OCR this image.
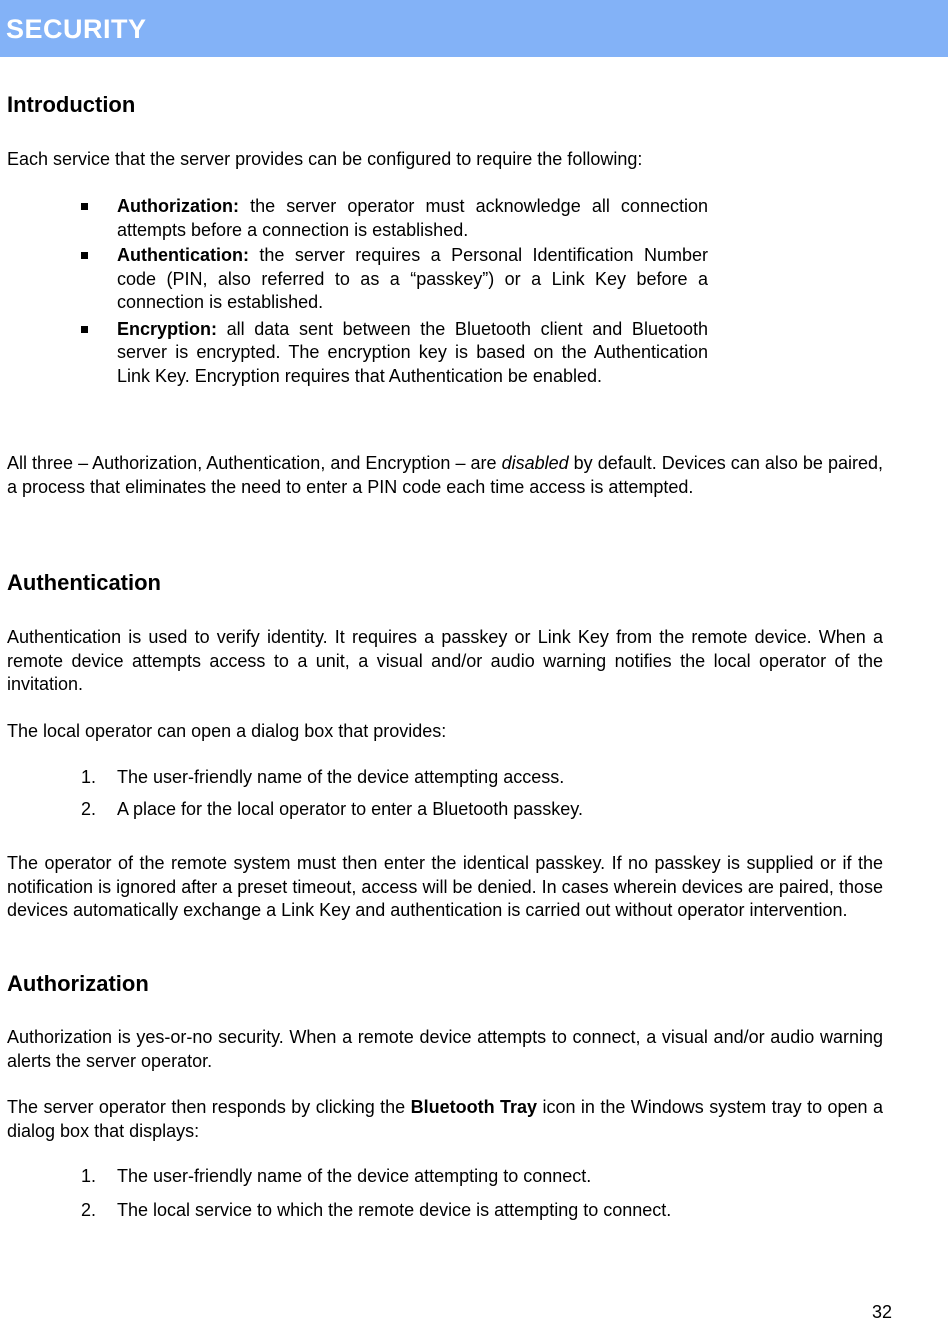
SECURITY
Introduction

Each service that the server provides can be configured to require the following:

Authorization: the server operator must acknowledge all connection attempts before a connection is established.
Authentication: the server requires a Personal Identification Number code (PIN, also referred to as a “passkey”) or a Link Key before a connection is established.
Encryption: all data sent between the Bluetooth client and Bluetooth server is encrypted. The encryption key is based on the Authentication Link Key. Encryption requires that Authentication be enabled.

All three – Authorization, Authentication, and Encryption – are disabled by default. Devices can also be paired, a process that eliminates the need to enter a PIN code each time access is attempted.

Authentication

Authentication is used to verify identity. It requires a passkey or Link Key from the remote device. When a remote device attempts access to a unit, a visual and/or audio warning notifies the local operator of the invitation.

The local operator can open a dialog box that provides:

1. The user-friendly name of the device attempting access.
2. A place for the local operator to enter a Bluetooth passkey.

The operator of the remote system must then enter the identical passkey. If no passkey is supplied or if the notification is ignored after a preset timeout, access will be denied. In cases wherein devices are paired, those devices automatically exchange a Link Key and authentication is carried out without operator intervention.

Authorization

Authorization is yes-or-no security. When a remote device attempts to connect, a visual and/or audio warning alerts the server operator.

The server operator then responds by clicking the Bluetooth Tray icon in the Windows system tray to open a dialog box that displays:

1. The user-friendly name of the device attempting to connect.
2. The local service to which the remote device is attempting to connect.
32
